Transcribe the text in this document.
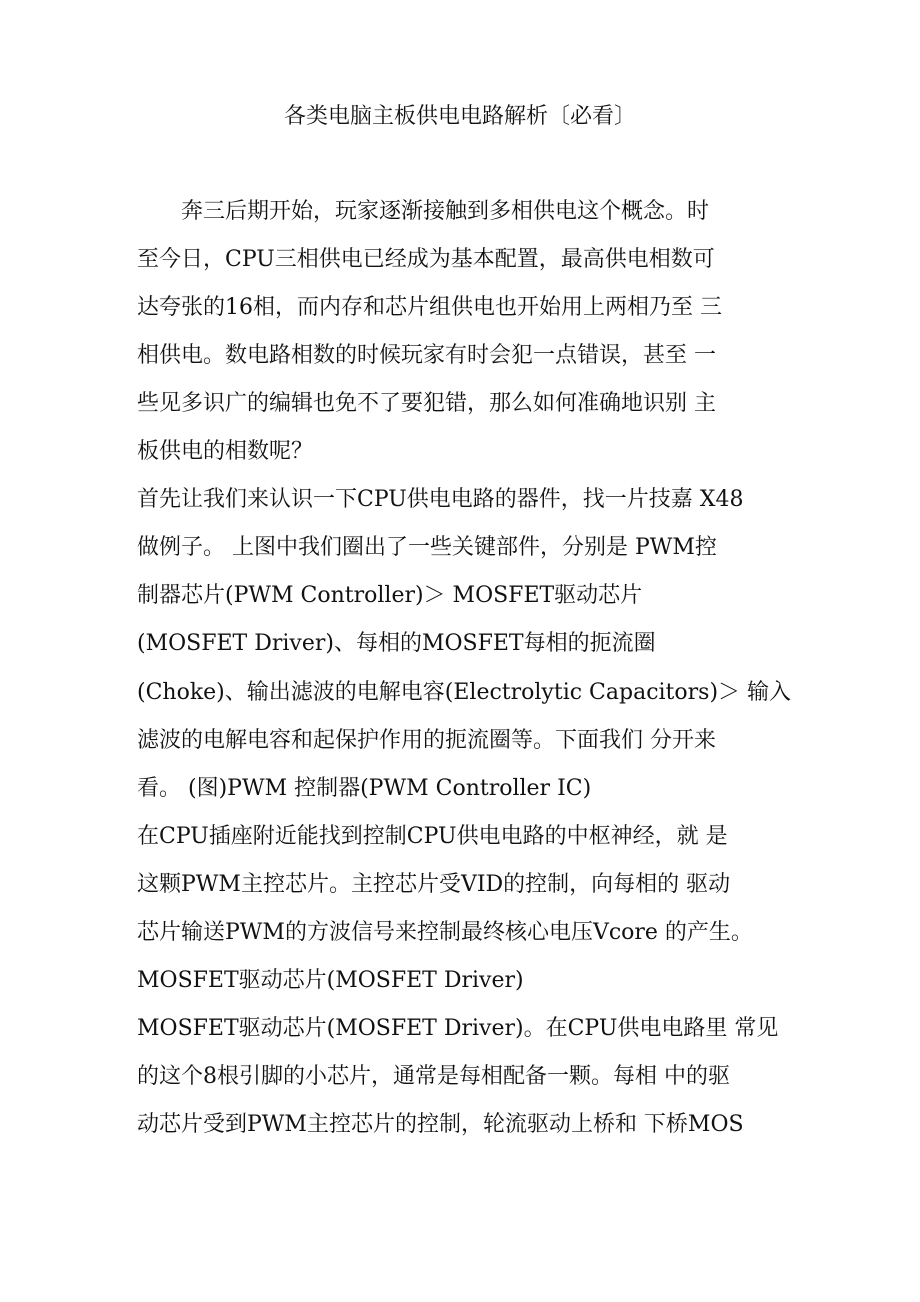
各类电脑主板供电电路解析〔必看〕
　　奔三后期开始，玩家逐渐接触到多相供电这个概念。时
至今日，CPU三相供电已经成为基本配置，最高供电相数可
达夸张的16相，而内存和芯片组供电也开始用上两相乃至 三
相供电。数电路相数的时候玩家有时会犯一点错误，甚至 一
些见多识广的编辑也免不了要犯错，那么如何准确地识别 主
板供电的相数呢？
首先让我们来认识一下CPU供电电路的器件，找一片技嘉 X48
做例子。 上图中我们圈出了一些关键部件，分别是 PWM控
制器芯片(PWM Controller)＞ MOSFET驱动芯片
(MOSFET Driver)、每相的MOSFET每相的扼流圈
(Choke)、输出滤波的电解电容(Electrolytic Capacitors)＞ 输入
滤波的电解电容和起保护作用的扼流圈等。下面我们 分开来
看。 (图)PWM 控制器(PWM Controller IC)
在CPU插座附近能找到控制CPU供电电路的中枢神经，就 是
这颗PWM主控芯片。主控芯片受VID的控制，向每相的 驱动
芯片输送PWM的方波信号来控制最终核心电压Vcore 的产生。
MOSFET驱动芯片(MOSFET Driver)
MOSFET驱动芯片(MOSFET Driver)。在CPU供电电路里 常见
的这个8根引脚的小芯片，通常是每相配备一颗。每相 中的驱
动芯片受到PWM主控芯片的控制，轮流驱动上桥和 下桥MOS
